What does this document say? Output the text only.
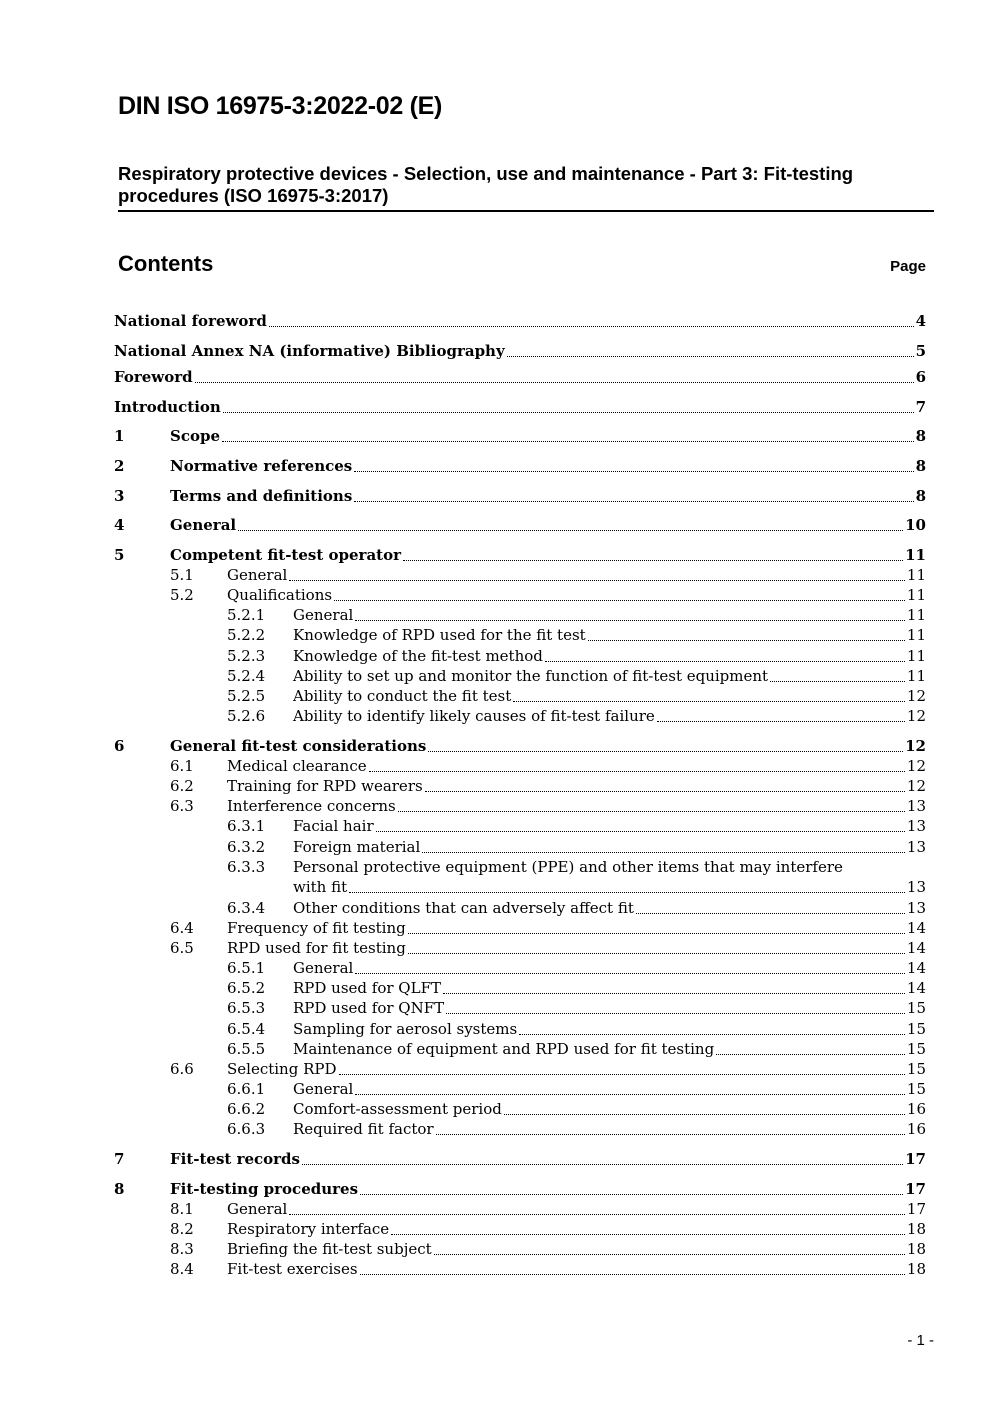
DIN ISO 16975-3:2022-02 (E)
Respiratory protective devices - Selection, use and maintenance - Part 3: Fit-testing procedures (ISO 16975-3:2017)
Contents	Page
National foreword	4
National Annex NA (informative) Bibliography	5
Foreword	6
Introduction	7
1	Scope	8
2	Normative references	8
3	Terms and definitions	8
4	General	10
5	Competent fit-test operator	11
5.1 General	11
5.2 Qualifications	11
5.2.1 General	11
5.2.2 Knowledge of RPD used for the fit test	11
5.2.3 Knowledge of the fit-test method	11
5.2.4 Ability to set up and monitor the function of fit-test equipment	11
5.2.5 Ability to conduct the fit test	12
5.2.6 Ability to identify likely causes of fit-test failure	12
6	General fit-test considerations	12
6.1 Medical clearance	12
6.2 Training for RPD wearers	12
6.3 Interference concerns	13
6.3.1 Facial hair	13
6.3.2 Foreign material	13
6.3.3 Personal protective equipment (PPE) and other items that may interfere
with fit	13
6.3.4 Other conditions that can adversely affect fit	13
6.4 Frequency of fit testing	14
6.5 RPD used for fit testing	14
6.5.1 General	14
6.5.2 RPD used for QLFT	14
6.5.3 RPD used for QNFT	15
6.5.4 Sampling for aerosol systems	15
6.5.5 Maintenance of equipment and RPD used for fit testing	15
6.6 Selecting RPD	15
6.6.1 General	15
6.6.2 Comfort-assessment period	16
6.6.3 Required fit factor	16
7	Fit-test records	17
8	Fit-testing procedures	17
8.1 General	17
8.2 Respiratory interface	18
8.3 Briefing the fit-test subject	18
8.4 Fit-test exercises	18
- 1 -
